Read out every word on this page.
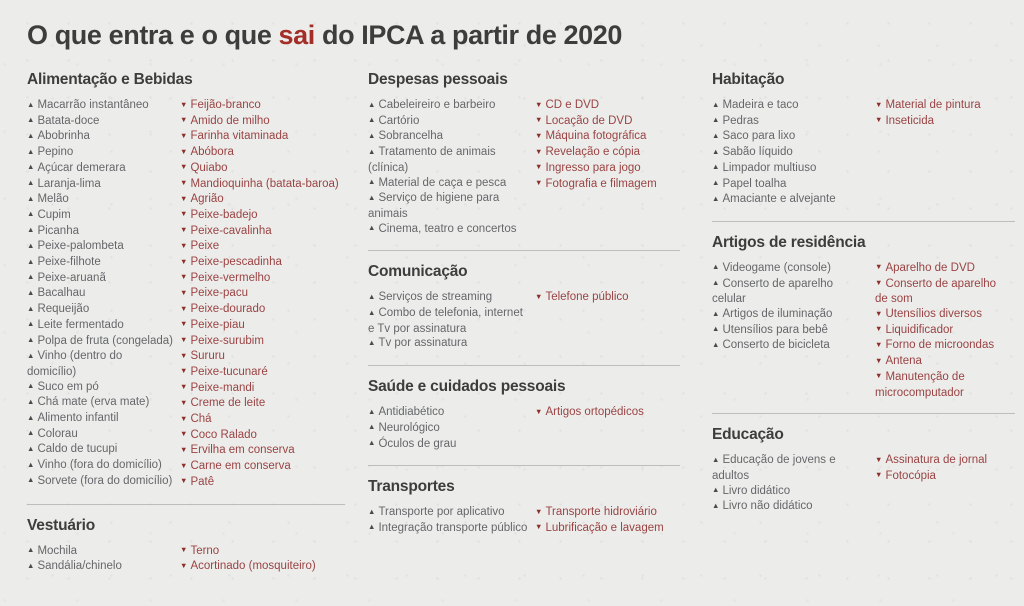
O que entra e o que sai do IPCA a partir de 2020
Alimentação e Bebidas
▲ Macarrão instantâneo
▲ Batata-doce
▲ Abobrinha
▲ Pepino
▲ Açúcar demerara
▲ Laranja-lima
▲ Melão
▲ Cupim
▲ Picanha
▲ Peixe-palombeta
▲ Peixe-filhote
▲ Peixe-aruanã
▲ Bacalhau
▲ Requeijão
▲ Leite fermentado
▲ Polpa de fruta (congelada)
▲ Vinho (dentro do domicílio)
▲ Suco em pó
▲ Chá mate (erva mate)
▲ Alimento infantil
▲ Colorau
▲ Caldo de tucupi
▲ Vinho (fora do domicílio)
▲ Sorvete (fora do domicílio)
▼ Feijão-branco
▼ Amido de milho
▼ Farinha vitaminada
▼ Abóbora
▼ Quiabo
▼ Mandioquinha (batata-baroa)
▼ Agrião
▼ Peixe-badejo
▼ Peixe-cavalinha
▼ Peixe
▼ Peixe-pescadinha
▼ Peixe-vermelho
▼ Peixe-pacu
▼ Peixe-dourado
▼ Peixe-piau
▼ Peixe-surubim
▼ Sururu
▼ Peixe-tucunaré
▼ Peixe-mandi
▼ Creme de leite
▼ Chá
▼ Coco Ralado
▼ Ervilha em conserva
▼ Carne em conserva
▼ Patê
Vestuário
▲ Mochila
▲ Sandália/chinelo
▼ Terno
▼ Acortinado (mosquiteiro)
Despesas pessoais
▲ Cabeleireiro e barbeiro
▲ Cartório
▲ Sobrancelha
▲ Tratamento de animais (clínica)
▲ Material de caça e pesca
▲ Serviço de higiene para animais
▲ Cinema, teatro e concertos
▼ CD e DVD
▼ Locação de DVD
▼ Máquina fotográfica
▼ Revelação e cópia
▼ Ingresso para jogo
▼ Fotografia e filmagem
Comunicação
▲ Serviços de streaming
▲ Combo de telefonia, internet e Tv por assinatura
▲ Tv por assinatura
▼ Telefone público
Saúde e cuidados pessoais
▲ Antidiabético
▲ Neurológico
▲ Óculos de grau
▼ Artigos ortopédicos
Transportes
▲ Transporte por aplicativo
▲ Integração transporte público
▼ Transporte hidroviário
▼ Lubrificação e lavagem
Habitação
▲ Madeira e taco
▲ Pedras
▲ Saco para lixo
▲ Sabão líquido
▲ Limpador multiuso
▲ Papel toalha
▲ Amaciante e alvejante
▼ Material de pintura
▼ Inseticida
Artigos de residência
▲ Videogame (console)
▲ Conserto de aparelho celular
▲ Artigos de iluminação
▲ Utensílios para bebê
▲ Conserto de bicicleta
▼ Aparelho de DVD
▼ Conserto de aparelho de som
▼ Utensílios diversos
▼ Liquidificador
▼ Forno de microondas
▼ Antena
▼ Manutenção de microcomputador
Educação
▲ Educação de jovens e adultos
▲ Livro didático
▲ Livro não didático
▼ Assinatura de jornal
▼ Fotocópia
